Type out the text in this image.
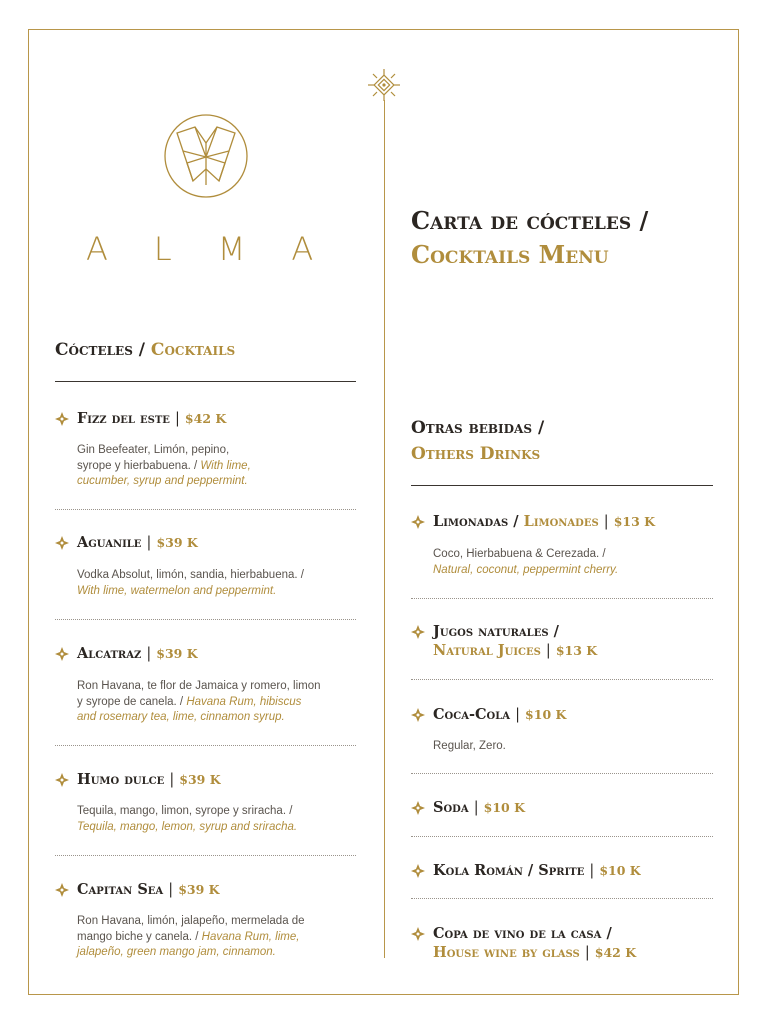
ALMA
Carta de cócteles /
Cocktails Menu
Cócteles / Cocktails
Fizz del este | $42 K
Gin Beefeater, Limón, pepino,
syrope y hierbabuena. / With lime,
cucumber, syrup and peppermint.
Aguanile | $39 K
Vodka Absolut, limón, sandia, hierbabuena. /
With lime, watermelon and peppermint.
Alcatraz | $39 K
Ron Havana, te flor de Jamaica y romero, limon
y syrope de canela. / Havana Rum, hibiscus
and rosemary tea, lime, cinnamon syrup.
Humo dulce | $39 K
Tequila, mango, limon, syrope y sriracha. /
Tequila, mango, lemon, syrup and sriracha.
Capitan Sea | $39 K
Ron Havana, limón, jalapeño, mermelada de
mango biche y canela. / Havana Rum, lime,
jalapeño, green mango jam, cinnamon.
Otras bebidas /
Others Drinks
Limonadas / Limonades | $13 K
Coco, Hierbabuena & Cerezada. /
Natural, coconut, peppermint cherry.
Jugos naturales /
Natural Juices | $13 K
Coca-Cola | $10 K
Regular, Zero.
Soda | $10 K
Kola Román / Sprite | $10 K
Copa de vino de la casa /
House wine by glass | $42 K
